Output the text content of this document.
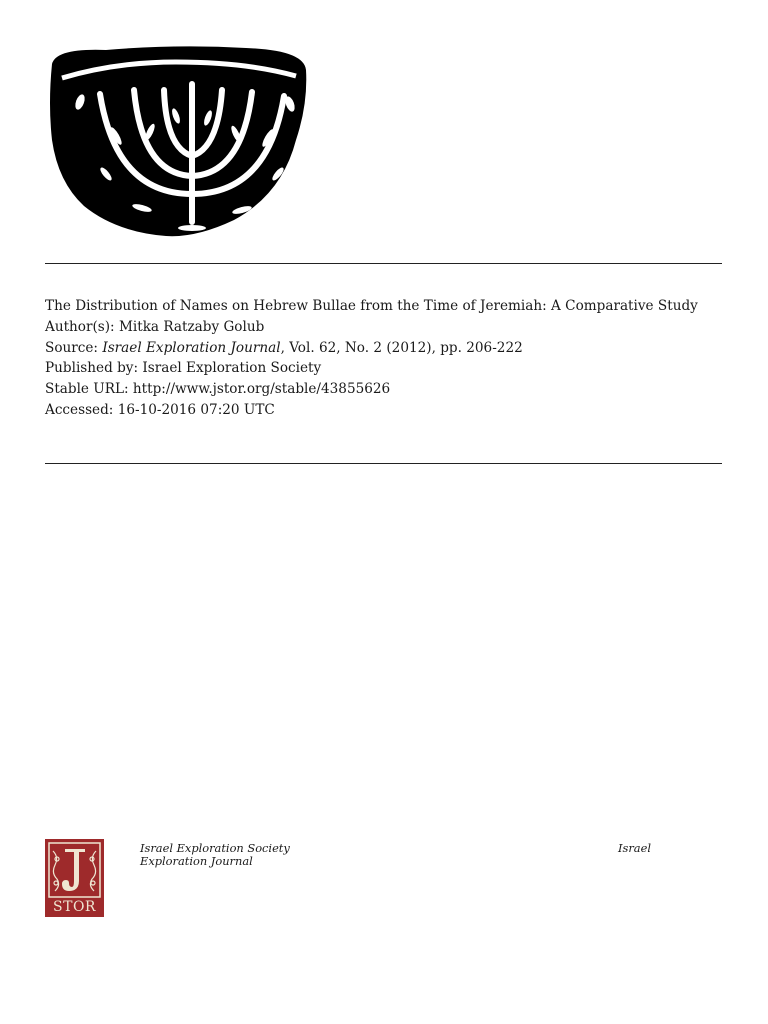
The Distribution of Names on Hebrew Bullae from the Time of Jeremiah: A Comparative Study
Author(s): Mitka Ratzaby Golub
Source: Israel Exploration Journal, Vol. 62, No. 2 (2012), pp. 206-222
Published by: Israel Exploration Society
Stable URL: http://www.jstor.org/stable/43855626
Accessed: 16-10-2016 07:20 UTC
STOR
Israel Exploration Society
Exploration Journal
Israel
